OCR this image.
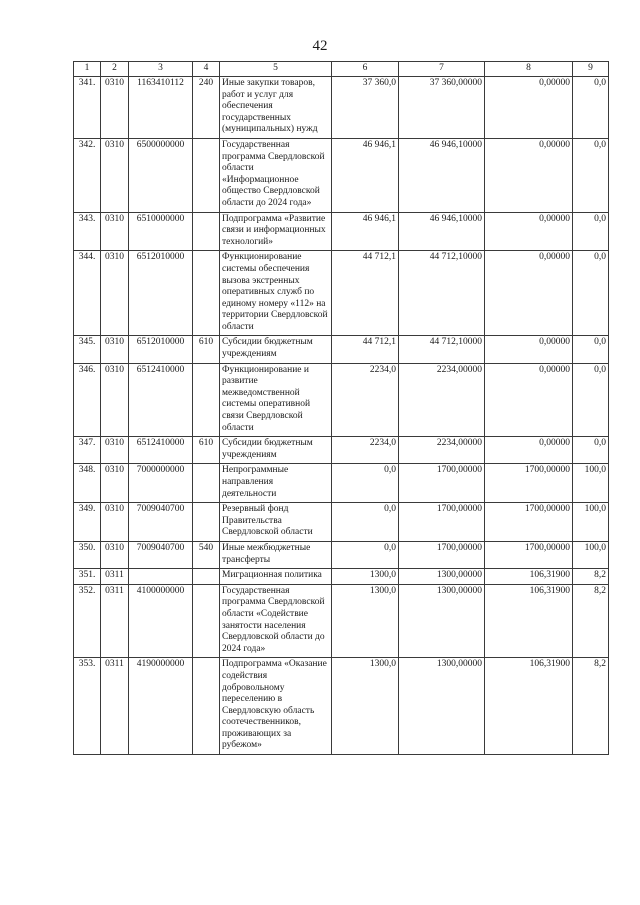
42
1	2	3	4	5	6	7	8	9
341.	0310	1163410112	240	Иные закупки товаров, работ и услуг для обеспечения государственных (муниципальных) нужд	37 360,0	37 360,00000	0,00000	0,0
342.	0310	6500000000		Государственная программа Свердловской области «Информационное общество Свердловской области до 2024 года»	46 946,1	46 946,10000	0,00000	0,0
343.	0310	6510000000		Подпрограмма «Развитие связи и информационных технологий»	46 946,1	46 946,10000	0,00000	0,0
344.	0310	6512010000		Функционирование системы обеспечения вызова экстренных оперативных служб по единому номеру «112» на территории Свердловской области	44 712,1	44 712,10000	0,00000	0,0
345.	0310	6512010000	610	Субсидии бюджетным учреждениям	44 712,1	44 712,10000	0,00000	0,0
346.	0310	6512410000		Функционирование и развитие межведомственной системы оперативной связи Свердловской области	2234,0	2234,00000	0,00000	0,0
347.	0310	6512410000	610	Субсидии бюджетным учреждениям	2234,0	2234,00000	0,00000	0,0
348.	0310	7000000000		Непрограммные направления деятельности	0,0	1700,00000	1700,00000	100,0
349.	0310	7009040700		Резервный фонд Правительства Свердловской области	0,0	1700,00000	1700,00000	100,0
350.	0310	7009040700	540	Иные межбюджетные трансферты	0,0	1700,00000	1700,00000	100,0
351.	0311			Миграционная политика	1300,0	1300,00000	106,31900	8,2
352.	0311	4100000000		Государственная программа Свердловской области «Содействие занятости населения Свердловской области до 2024 года»	1300,0	1300,00000	106,31900	8,2
353.	0311	4190000000		Подпрограмма «Оказание содействия добровольному переселению в Свердловскую область соотечественников, проживающих за рубежом»	1300,0	1300,00000	106,31900	8,2
